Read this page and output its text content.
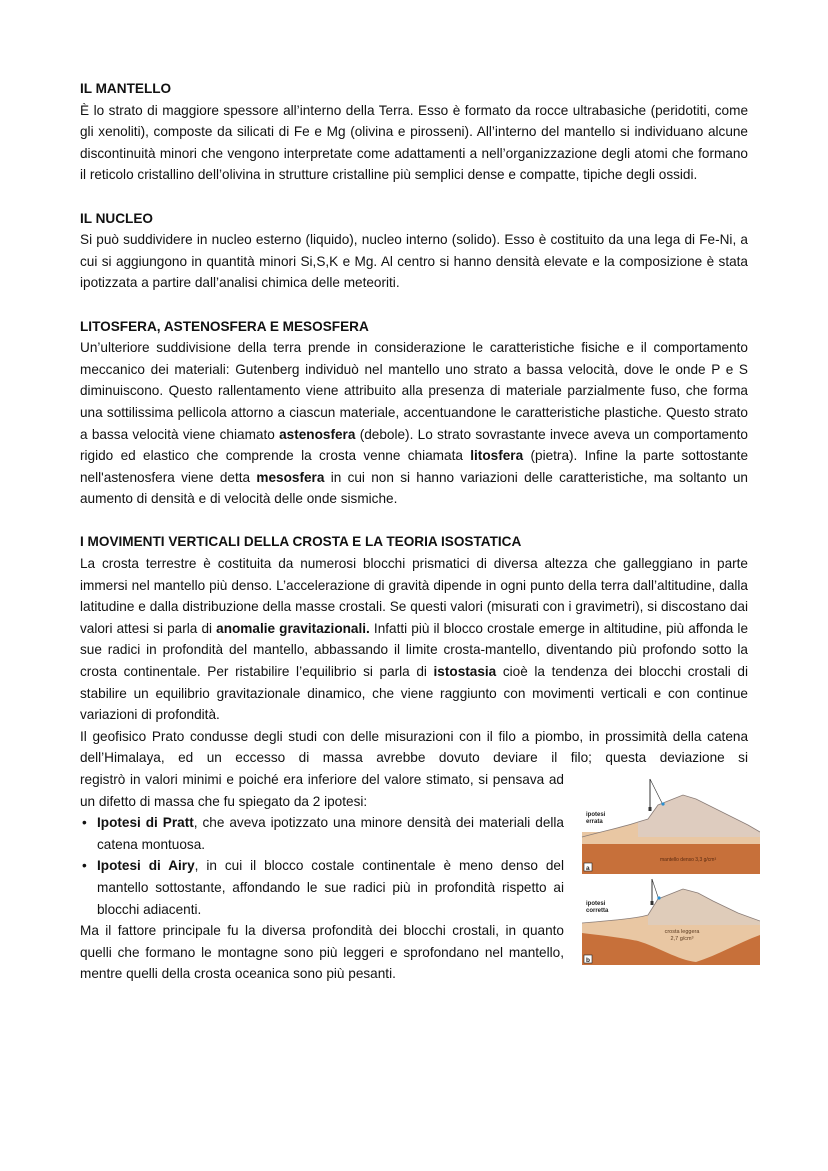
IL MANTELLO

È lo strato di maggiore spessore all’interno della Terra. Esso è formato da rocce ultrabasiche (peridotiti, come gli xenoliti), composte da silicati di Fe e Mg (olivina e pirosseni). All’interno del mantello si individuano alcune discontinuità minori che vengono interpretate come adattamenti a nell’organizzazione degli atomi che formano il reticolo cristallino dell’olivina in strutture cristalline più semplici dense e compatte, tipiche degli ossidi.

IL NUCLEO

Si può suddividere in nucleo esterno (liquido), nucleo interno (solido). Esso è costituito da una lega di Fe-Ni, a cui si aggiungono in quantità minori Si,S,K e Mg. Al centro si hanno densità elevate e la composizione è stata ipotizzata a partire dall’analisi chimica delle meteoriti.

LITOSFERA, ASTENOSFERA E MESOSFERA

Un’ulteriore suddivisione della terra prende in considerazione le caratteristiche fisiche e il comportamento meccanico dei materiali: Gutenberg individuò nel mantello uno strato a bassa velocità, dove le onde P e S diminuiscono. Questo rallentamento viene attribuito alla presenza di materiale parzialmente fuso, che forma una sottilissima pellicola attorno a ciascun materiale, accentuandone le caratteristiche plastiche. Questo strato a bassa velocità viene chiamato astenosfera (debole). Lo strato sovrastante invece aveva un comportamento rigido ed elastico che comprende la crosta venne chiamata litosfera (pietra). Infine la parte sottostante nell'astenosfera viene detta mesosfera in cui non si hanno variazioni delle caratteristiche, ma soltanto un aumento di densità e di velocità delle onde sismiche.

I MOVIMENTI VERTICALI DELLA CROSTA E LA TEORIA ISOSTATICA

La crosta terrestre è costituita da numerosi blocchi prismatici di diversa altezza che galleggiano in parte immersi nel mantello più denso. L’accelerazione di gravità dipende in ogni punto della terra dall’altitudine, dalla latitudine e dalla distribuzione della masse crostali. Se questi valori (misurati con i gravimetri), si discostano dai valori attesi si parla di anomalie gravitazionali. Infatti più il blocco crostale emerge in altitudine, più affonda le sue radici in profondità del mantello, abbassando il limite crosta-mantello, diventando più profondo sotto la crosta continentale. Per ristabilire l’equilibrio si parla di istostasia cioè la tendenza dei blocchi crostali di stabilire un equilibrio gravitazionale dinamico, che viene raggiunto con movimenti verticali e con continue variazioni di profondità.

Il geofisico Prato condusse degli studi con delle misurazioni con il filo a piombo, in prossimità della catena dell’Himalaya, ed un eccesso di massa avrebbe dovuto deviare il filo; questa deviazione si

ipotesi errata
mantello denso 3,3 g/cm³
a
ipotesi corretta
crosta leggera 2,7 g/cm³
b

registrò in valori minimi e poiché era inferiore del valore stimato, si pensava ad un difetto di massa che fu spiegato da 2 ipotesi:

• Ipotesi di Pratt, che aveva ipotizzato una minore densità dei materiali della catena montuosa.
• Ipotesi di Airy, in cui il blocco costale continentale è meno denso del mantello sottostante, affondando le sue radici più in profondità rispetto ai blocchi adiacenti.

Ma il fattore principale fu la diversa profondità dei blocchi crostali, in quanto quelli che formano le montagne sono più leggeri e sprofondano nel mantello, mentre quelli della crosta oceanica sono più pesanti.
